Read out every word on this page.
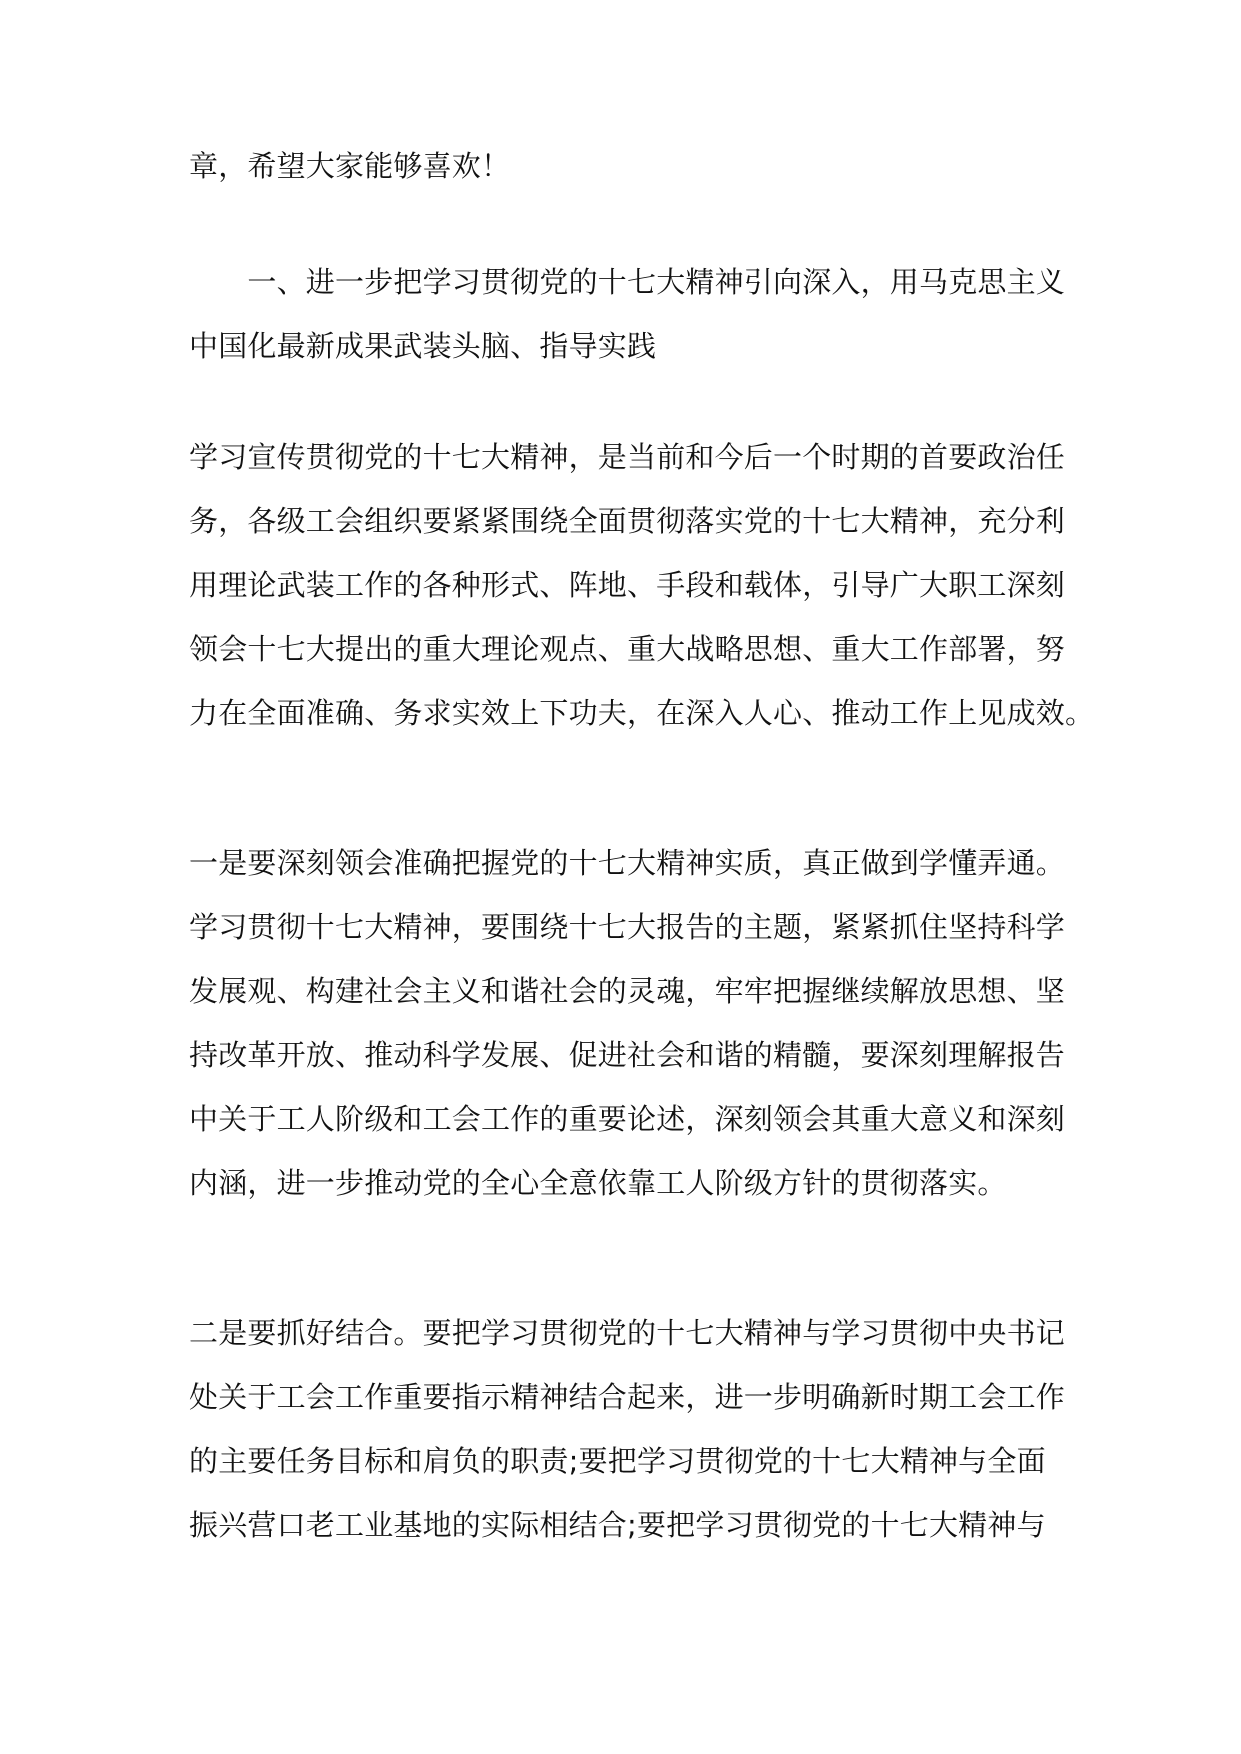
章，希望大家能够喜欢！
　　一、进一步把学习贯彻党的十七大精神引向深入，用马克思主义
中国化最新成果武装头脑、指导实践
学习宣传贯彻党的十七大精神，是当前和今后一个时期的首要政治任
务，各级工会组织要紧紧围绕全面贯彻落实党的十七大精神，充分利
用理论武装工作的各种形式、阵地、手段和载体，引导广大职工深刻
领会十七大提出的重大理论观点、重大战略思想、重大工作部署，努
力在全面准确、务求实效上下功夫，在深入人心、推动工作上见成效。
一是要深刻领会准确把握党的十七大精神实质，真正做到学懂弄通。
学习贯彻十七大精神，要围绕十七大报告的主题，紧紧抓住坚持科学
发展观、构建社会主义和谐社会的灵魂，牢牢把握继续解放思想、坚
持改革开放、推动科学发展、促进社会和谐的精髓，要深刻理解报告
中关于工人阶级和工会工作的重要论述，深刻领会其重大意义和深刻
内涵，进一步推动党的全心全意依靠工人阶级方针的贯彻落实。
二是要抓好结合。要把学习贯彻党的十七大精神与学习贯彻中央书记
处关于工会工作重要指示精神结合起来，进一步明确新时期工会工作
的主要任务目标和肩负的职责;要把学习贯彻党的十七大精神与全面
振兴营口老工业基地的实际相结合;要把学习贯彻党的十七大精神与
